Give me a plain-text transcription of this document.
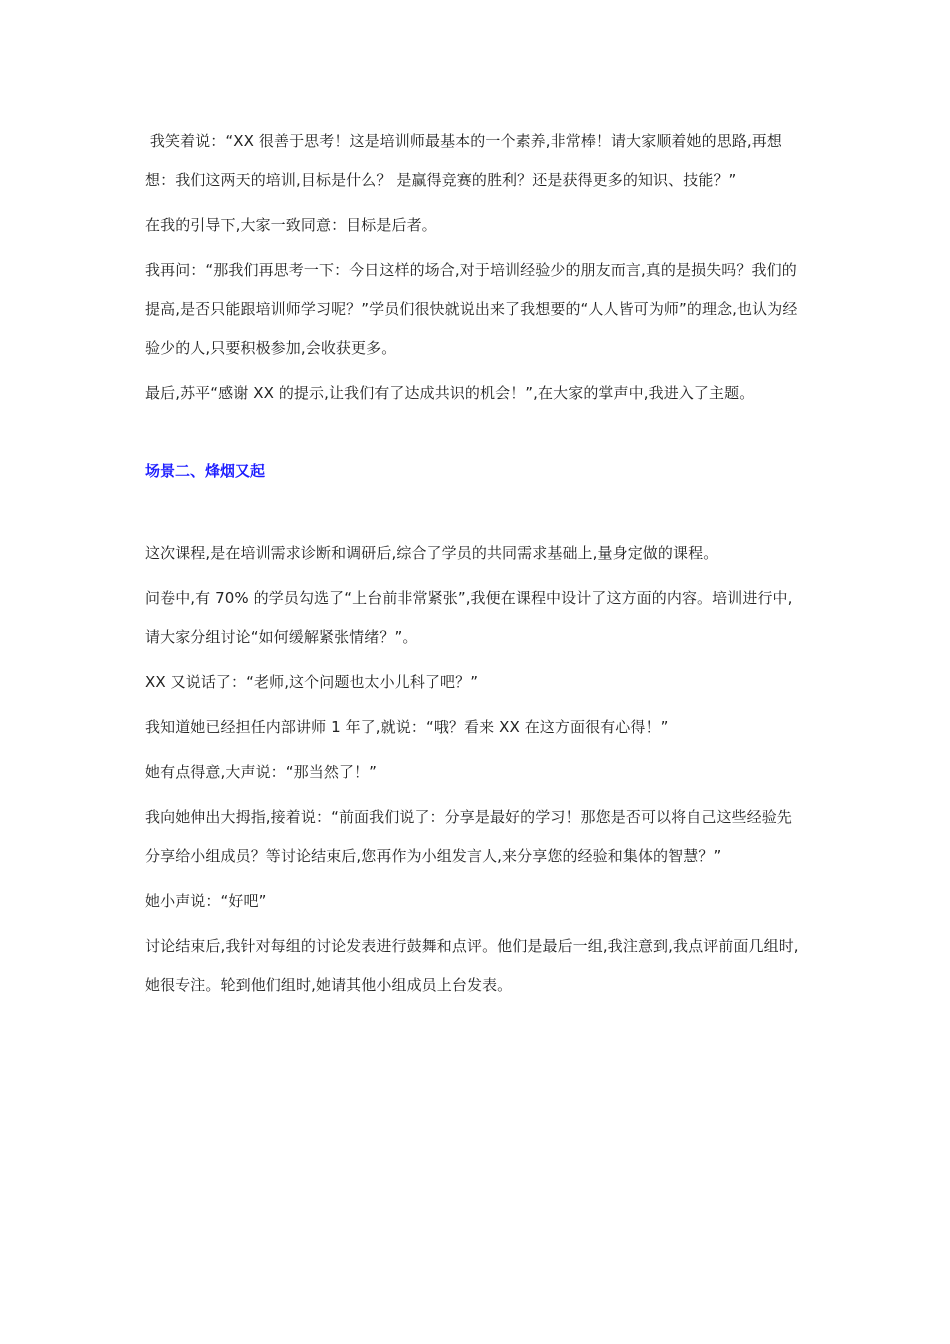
我笑着说：“XX 很善于思考！这是培训师最基本的一个素养,非常棒！请大家顺着她的思路,再想想：我们这两天的培训,目标是什么？ 是赢得竞赛的胜利？还是获得更多的知识、技能？”

在我的引导下,大家一致同意：目标是后者。

我再问：“那我们再思考一下：今日这样的场合,对于培训经验少的朋友而言,真的是损失吗？我们的提高,是否只能跟培训师学习呢？”学员们很快就说出来了我想要的“人人皆可为师”的理念,也认为经验少的人,只要积极参加,会收获更多。

最后,苏平“感谢 XX 的提示,让我们有了达成共识的机会！”,在大家的掌声中,我进入了主题。

场景二、烽烟又起

这次课程,是在培训需求诊断和调研后,综合了学员的共同需求基础上,量身定做的课程。

问卷中,有 70% 的学员勾选了“上台前非常紧张”,我便在课程中设计了这方面的内容。培训进行中,请大家分组讨论“如何缓解紧张情绪？”。

XX 又说话了：“老师,这个问题也太小儿科了吧？”

我知道她已经担任内部讲师 1 年了,就说：“哦？看来 XX 在这方面很有心得！”

她有点得意,大声说：“那当然了！”

我向她伸出大拇指,接着说：“前面我们说了：分享是最好的学习！那您是否可以将自己这些经验先分享给小组成员？等讨论结束后,您再作为小组发言人,来分享您的经验和集体的智慧？”

她小声说：“好吧”

讨论结束后,我针对每组的讨论发表进行鼓舞和点评。他们是最后一组,我注意到,我点评前面几组时,她很专注。轮到他们组时,她请其他小组成员上台发表。
